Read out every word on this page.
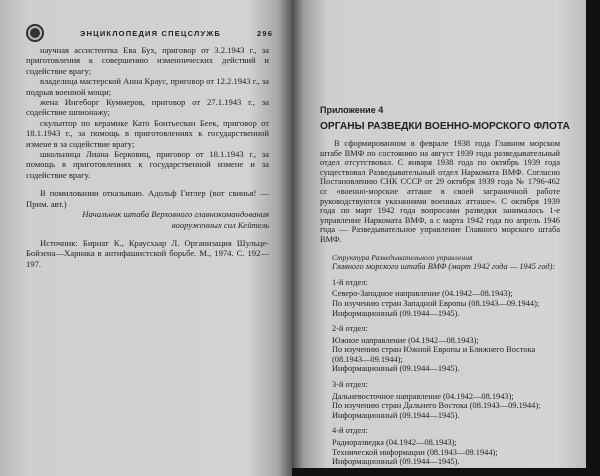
ЭНЦИКЛОПЕДИЯ СПЕЦСЛУЖБ	296

научная ассистентка Ева Бух, приговор от 3.2.1943 г., за приготовления к совершению изменнических действий и содействие врагу;

владелица мастерской Анна Краус, приговор от 12.2.1943 г., за подрыв военной мощи;

жена Ингеборг Куммеров, приговор от 27.1.1943 г., за содействие шпионажу;

скульптор по керамике Като Бонтьесван Беек, приговор от 18.1.1943 г., за помощь в приготовлениях к государственной измене в за содействие врагу;

школьница Лиана Берковиц, приговор от 18.1.1943 г., за помощь в приготовлениях к государственной измене и за содействие врагу.

В помиловании отказываю. Адольф Гитлер (вот свинья! — Прим. авт.)

Начальник штаба Верховного главнокомандования
вооруженных сил Кейтель

Источник: Бирнат К., Краусхаар Л. Организация Шульце-Бойзена—Харнака в антифашистской борьбе. М., 1974. С. 192—197.

Приложение 4
ОРГАНЫ РАЗВЕДКИ ВОЕННО-МОРСКОГО ФЛОТА

В сформированном в феврале 1938 года Главном морском штабе ВМФ по состоянию на август 1939 года разведывательный отдел отсутствовал. С января 1938 года по октябрь 1939 года существовал Разведывательный отдел Наркомата ВМФ. Согласно Постановлению СНК СССР от 29 октября 1939 года № 1796-462 сс «военно-морские атташе в своей заграничной работе руководствуются указаниями военных атташе». С октября 1939 года по март 1942 года вопросами разведки занималось 1-е управление Наркомата ВМФ, а с марта 1942 года по апрель 1946 года — Разведывательное управление Главного морского штаба ВМФ.

Структура Разведывательного управления
Главного морского штаба ВМФ (март 1942 года — 1945 год):
1-й отдел:
Северо-Западное направление (04.1942—08.1943);
По изучению стран Западной Европы (08.1943—09.1944);
Информационный (09.1944—1945).
2-й отдел:
Южное направление (04.1942—08.1943);
По изучению стран Южной Европы и Ближнего Востока (08.1943—09.1944);
Информационный (09.1944—1945).
3-й отдел:
Дальневосточное направление (04.1942—08.1943);
По изучению стран Дальнего Востока (08.1943—09.1944);
Информационный (09.1944—1945).
4-й отдел:
Радиоразведка (04.1942—08.1943);
Технической информации (08.1943—09.1944);
Информационный (09.1944—1945).
